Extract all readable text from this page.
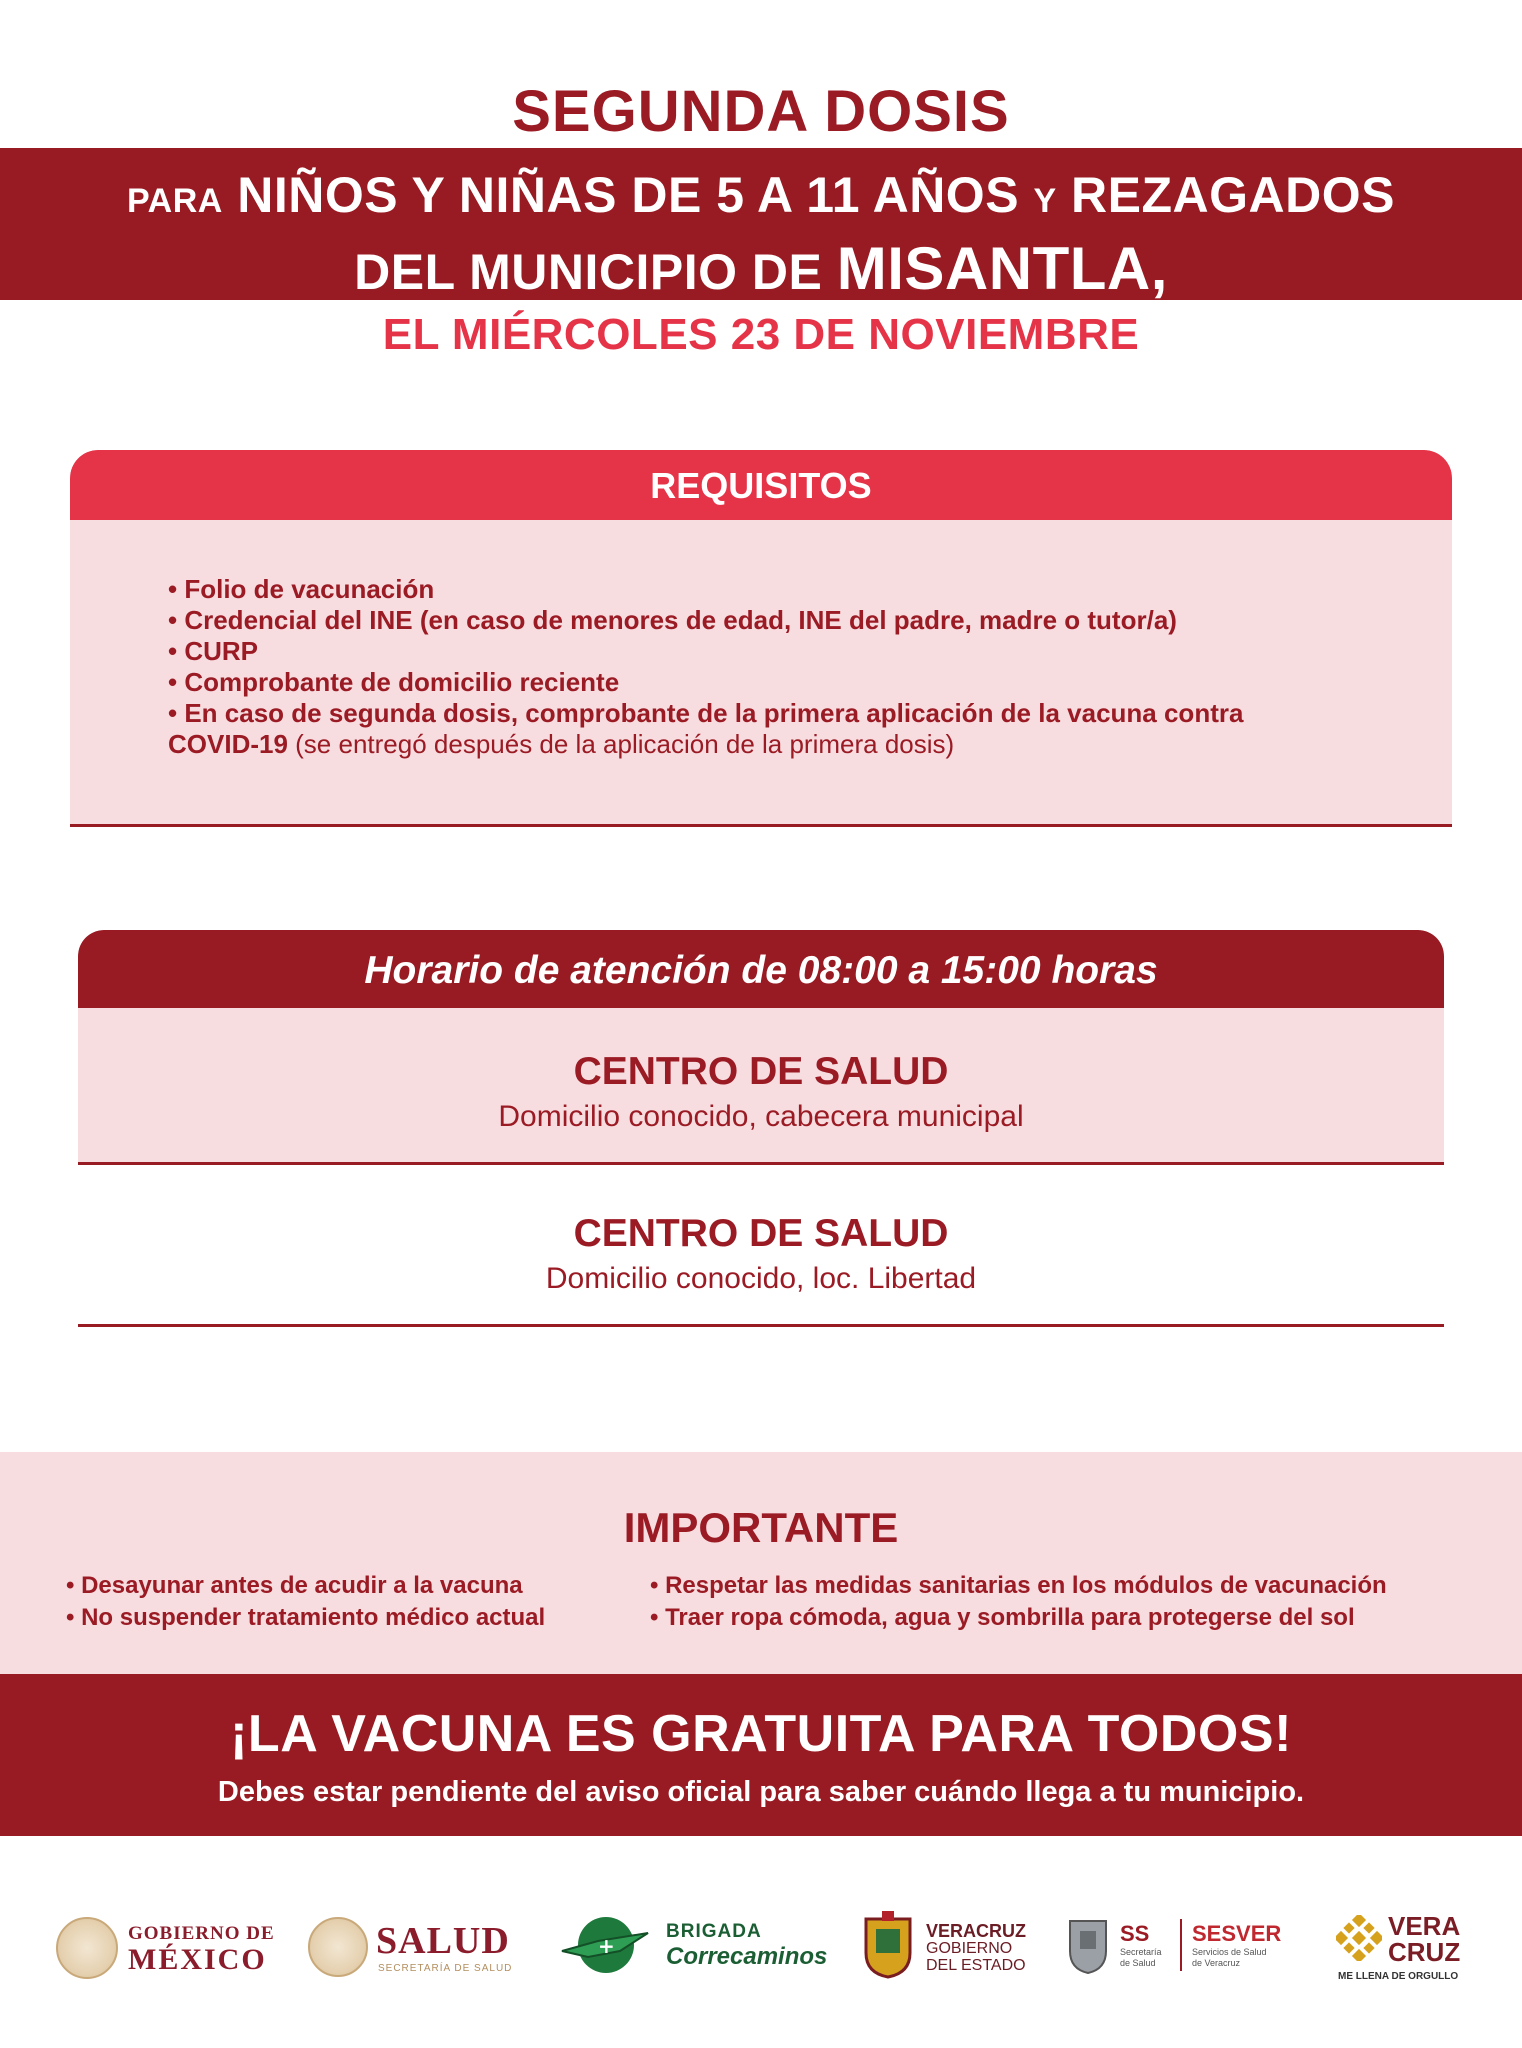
SEGUNDA DOSIS
PARA NIÑOS Y NIÑAS DE 5 A 11 AÑOS Y REZAGADOS
DEL MUNICIPIO DE MISANTLA,
EL MIÉRCOLES 23 DE NOVIEMBRE
REQUISITOS
• Folio de vacunación
• Credencial del INE (en caso de menores de edad, INE del padre, madre o tutor/a)
• CURP
• Comprobante de domicilio reciente
• En caso de segunda dosis, comprobante de la primera aplicación de la vacuna contra
COVID-19 (se entregó después de la aplicación de la primera dosis)
Horario de atención de 08:00 a 15:00 horas
CENTRO DE SALUD
Domicilio conocido, cabecera municipal
CENTRO DE SALUD
Domicilio conocido, loc. Libertad
IMPORTANTE
• Desayunar antes de acudir a la vacuna
• No suspender tratamiento médico actual
• Respetar las medidas sanitarias en los módulos de vacunación
• Traer ropa cómoda, agua y sombrilla para protegerse del sol
¡LA VACUNA ES GRATUITA PARA TODOS!
Debes estar pendiente del aviso oficial para saber cuándo llega a tu municipio.
GOBIERNO DE
MÉXICO	SALUD
SECRETARÍA DE SALUD
+
BRIGADA
Correcaminos
VERACRUZ
GOBIERNO
DEL ESTADO
SS
Secretaría
de Salud
SESVER
Servicios de Salud
de Veracruz
VERA
CRUZ
ME LLENA DE ORGULLO
